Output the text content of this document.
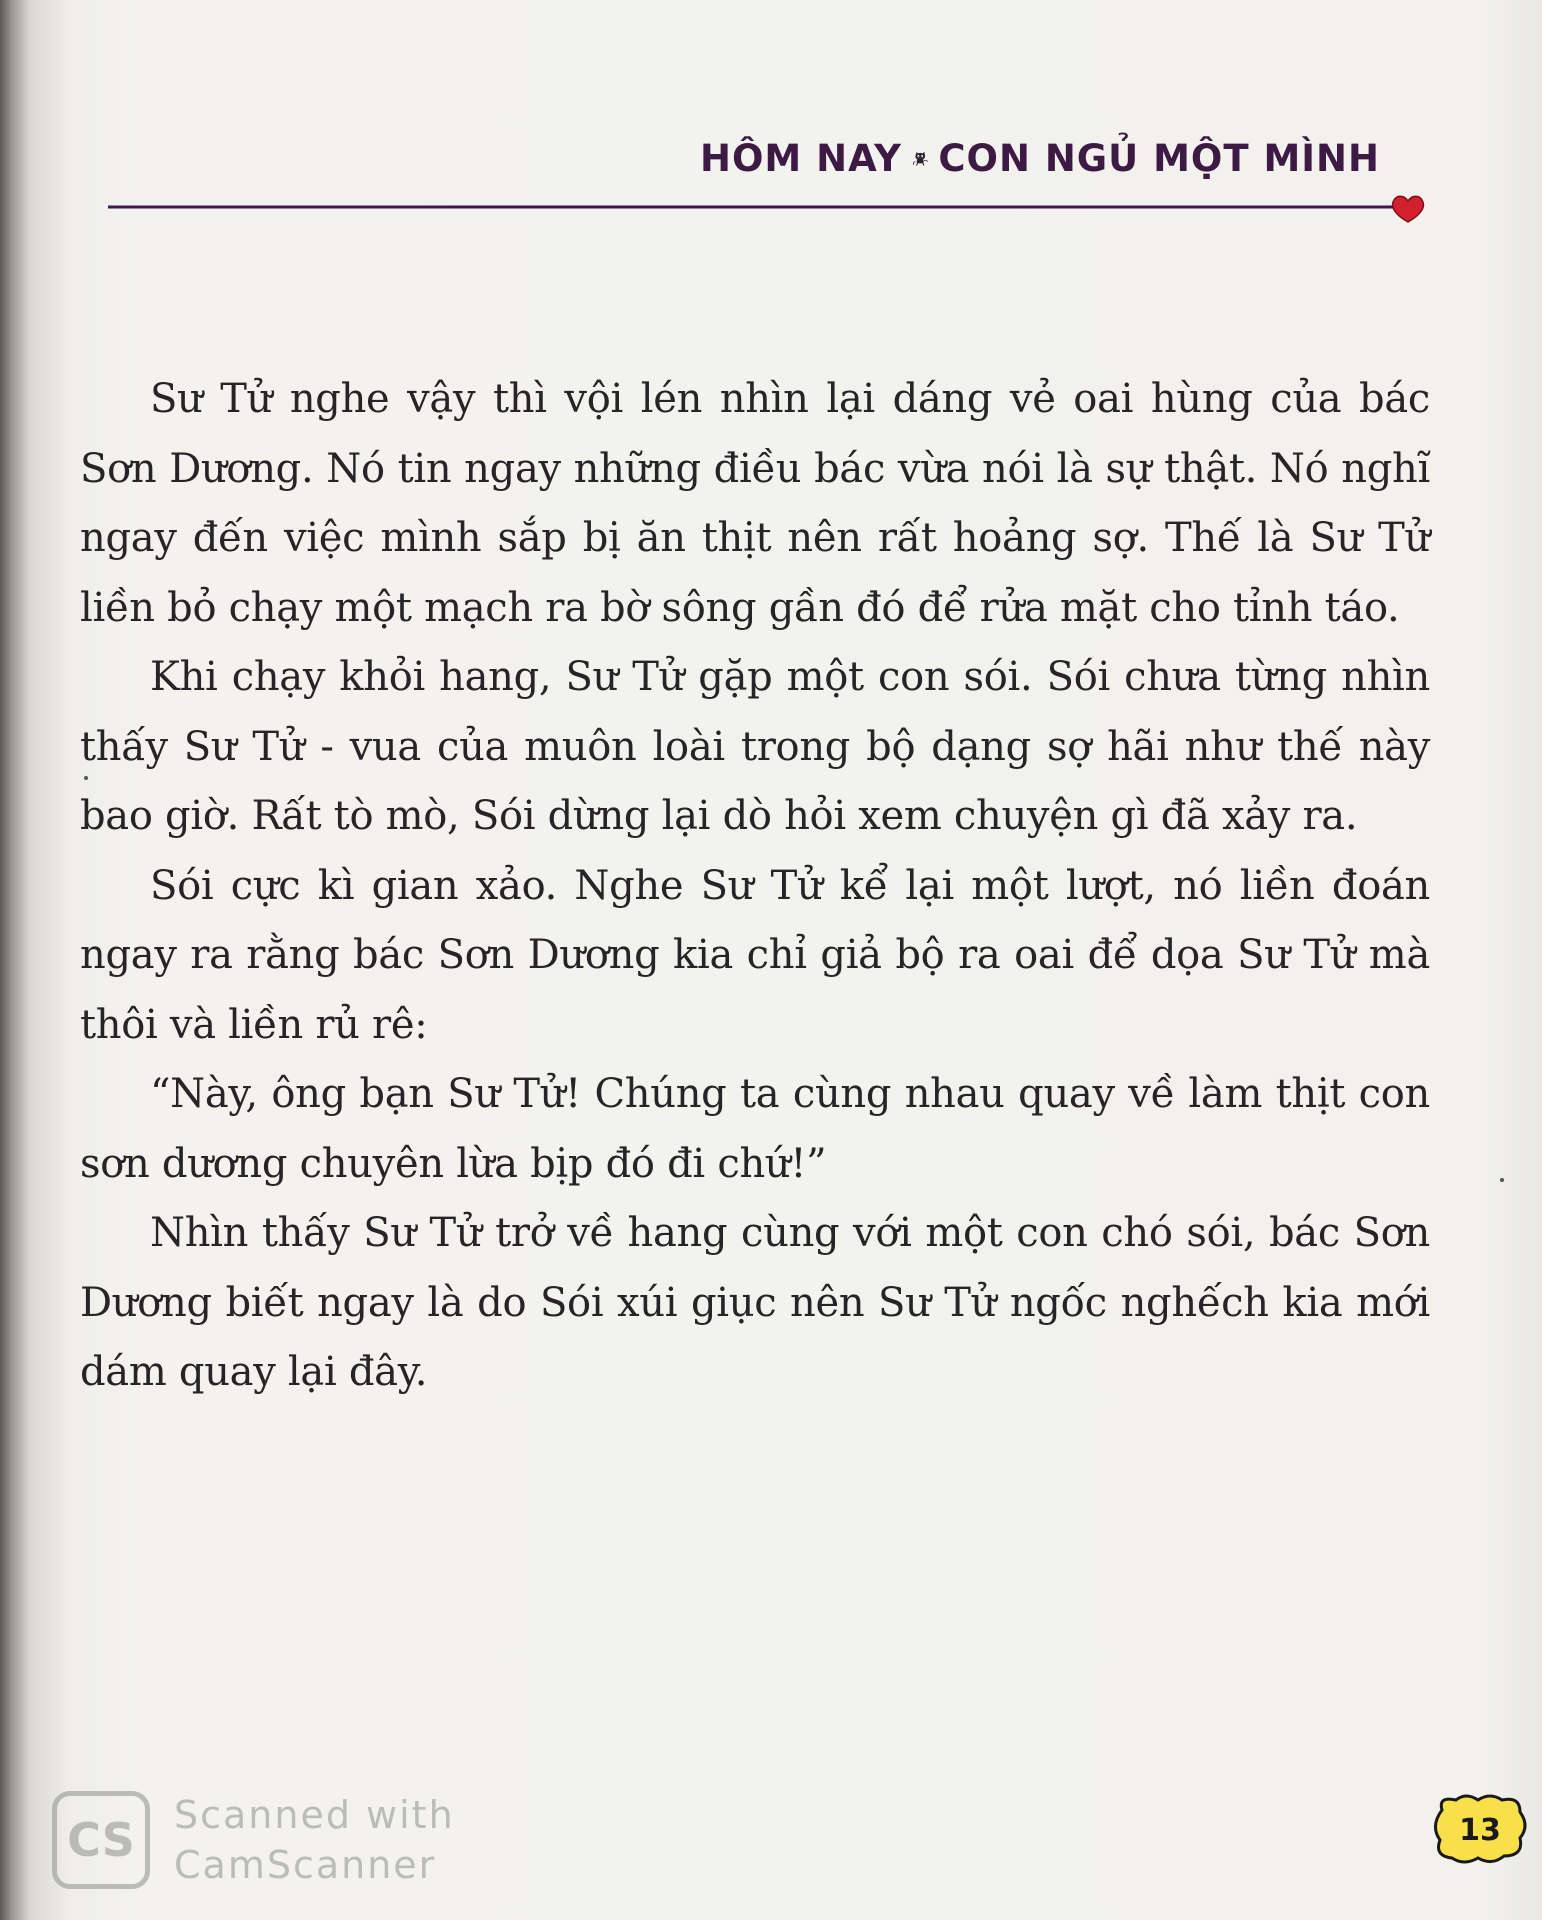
HÔM NAY CON NGỦ MỘT MÌNH

Sư Tử nghe vậy thì vội lén nhìn lại dáng vẻ oai hùng của bác Sơn Dương. Nó tin ngay những điều bác vừa nói là sự thật. Nó nghĩ ngay đến việc mình sắp bị ăn thịt nên rất hoảng sợ. Thế là Sư Tử liền bỏ chạy một mạch ra bờ sông gần đó để rửa mặt cho tỉnh táo.

Khi chạy khỏi hang, Sư Tử gặp một con sói. Sói chưa từng nhìn thấy Sư Tử - vua của muôn loài trong bộ dạng sợ hãi như thế này bao giờ. Rất tò mò, Sói dừng lại dò hỏi xem chuyện gì đã xảy ra.

Sói cực kì gian xảo. Nghe Sư Tử kể lại một lượt, nó liền đoán ngay ra rằng bác Sơn Dương kia chỉ giả bộ ra oai để dọa Sư Tử mà thôi và liền rủ rê:

“Này, ông bạn Sư Tử! Chúng ta cùng nhau quay về làm thịt con sơn dương chuyên lừa bịp đó đi chứ!”

Nhìn thấy Sư Tử trở về hang cùng với một con chó sói, bác Sơn Dương biết ngay là do Sói xúi giục nên Sư Tử ngốc nghếch kia mới dám quay lại đây.

CS	Scanned with
CamScanner
13
